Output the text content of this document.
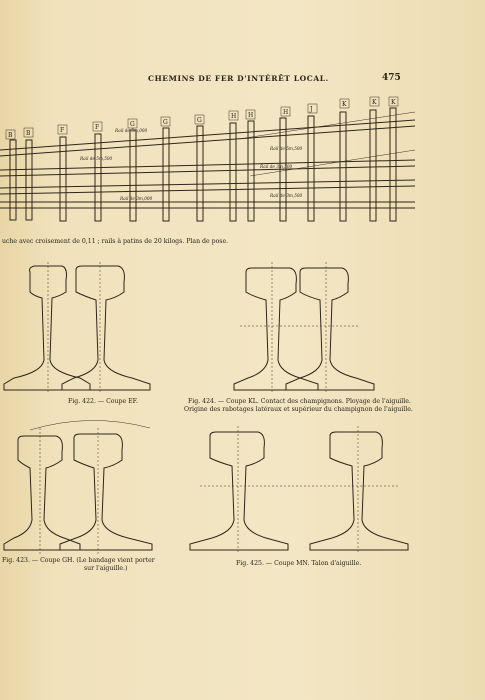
CHEMINS DE FER D'INTÉRÊT LOCAL.	475
B B	F	F	G	G	G
H H	H	J
K	K K
Rail de 5m,000
Rail de 5m,500
Rail de 5m,500
Rail de 3m,500
Rail de 3m,500
Rail de 3m,000
uche avec croisement de 0,11 ; rails à patins de 20 kilogs. Plan de pose.
Fig. 422. — Coupe EF.	Fig. 424. — Coupe KL. Contact des champignons. Ployage de l'aiguille.
Origine des rabotages latéraux et supérieur du champignon de l'aiguille.
Fig. 423. — Coupe GH. (Le bandage vient porter
sur l'aiguille.)
Fig. 425. — Coupe MN. Talon d'aiguille.
